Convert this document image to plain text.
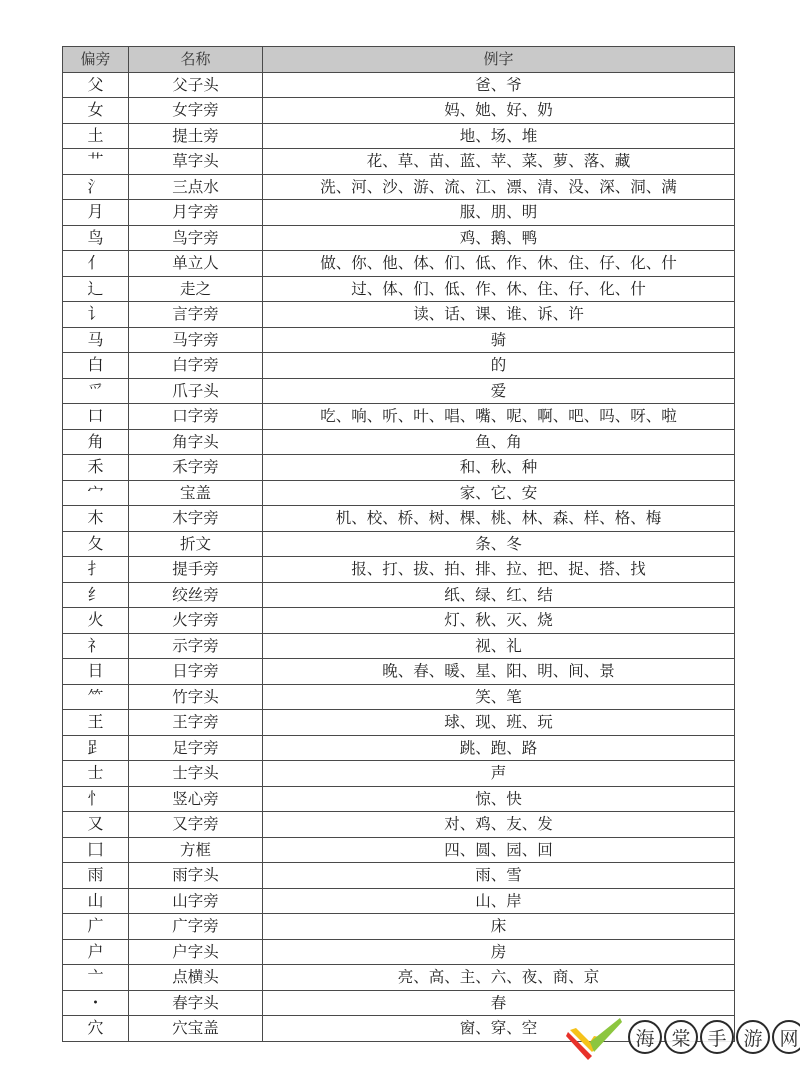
偏旁	名称	例字
父	父子头	爸、爷
女	女字旁	妈、她、好、奶
土	提土旁	地、场、堆
艹	草字头	花、草、苗、蓝、苹、菜、萝、落、藏
氵	三点水	洗、河、沙、游、流、江、漂、清、没、深、洞、满
月	月字旁	服、朋、明
鸟	鸟字旁	鸡、鹅、鸭
亻	单立人	做、你、他、体、们、低、作、休、住、仔、化、什
辶	走之	过、体、们、低、作、休、住、仔、化、什
讠	言字旁	读、话、课、谁、诉、许
马	马字旁	骑
白	白字旁	的
爫	爪子头	爱
口	口字旁	吃、响、听、叶、唱、嘴、呢、啊、吧、吗、呀、啦
角	角字头	鱼、角
禾	禾字旁	和、秋、种
宀	宝盖	家、它、安
木	木字旁	机、校、桥、树、棵、桃、林、森、样、格、梅
夂	折文	条、冬
扌	提手旁	报、打、拔、拍、排、拉、把、捉、搭、找
纟	绞丝旁	纸、绿、红、结
火	火字旁	灯、秋、灭、烧
礻	示字旁	视、礼
日	日字旁	晚、春、暖、星、阳、明、间、景
⺮	竹字头	笑、笔
王	王字旁	球、现、班、玩
𧾷	足字旁	跳、跑、路
士	士字头	声
忄	竖心旁	惊、快
又	又字旁	对、鸡、友、发
囗	方框	四、圆、园、回
雨	雨字头	雨、雪
山	山字旁	山、岸
广	广字旁	床
户	户字头	房
亠	点横头	亮、高、主、六、夜、商、京
・	春字头	春
穴	穴宝盖	窗、穿、空	海 棠 手 游 网
